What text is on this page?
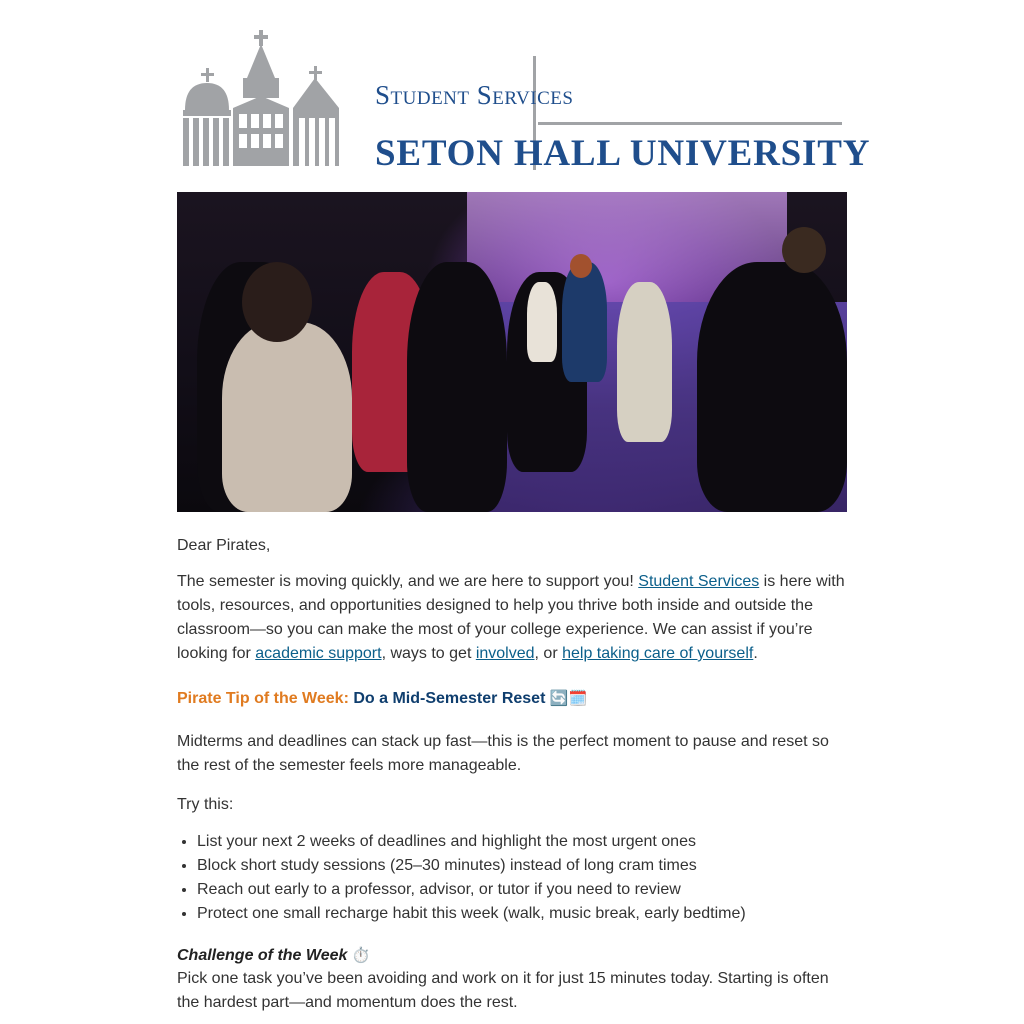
Student Services
SETON HALL UNIVERSITY

Dear Pirates,

The semester is moving quickly, and we are here to support you! Student Services is here with tools, resources, and opportunities designed to help you thrive both inside and outside the classroom—so you can make the most of your college experience. We can assist if you’re looking for academic support, ways to get involved, or help taking care of yourself.

Pirate Tip of the Week: Do a Mid-Semester Reset 🔄🗓️

Midterms and deadlines can stack up fast—this is the perfect moment to pause and reset so the rest of the semester feels more manageable.

Try this:

• List your next 2 weeks of deadlines and highlight the most urgent ones
• Block short study sessions (25–30 minutes) instead of long cram times
• Reach out early to a professor, advisor, or tutor if you need to review
• Protect one small recharge habit this week (walk, music break, early bedtime)

Challenge of the Week ⏱️

Pick one task you’ve been avoiding and work on it for just 15 minutes today. Starting is often the hardest part—and momentum does the rest.
